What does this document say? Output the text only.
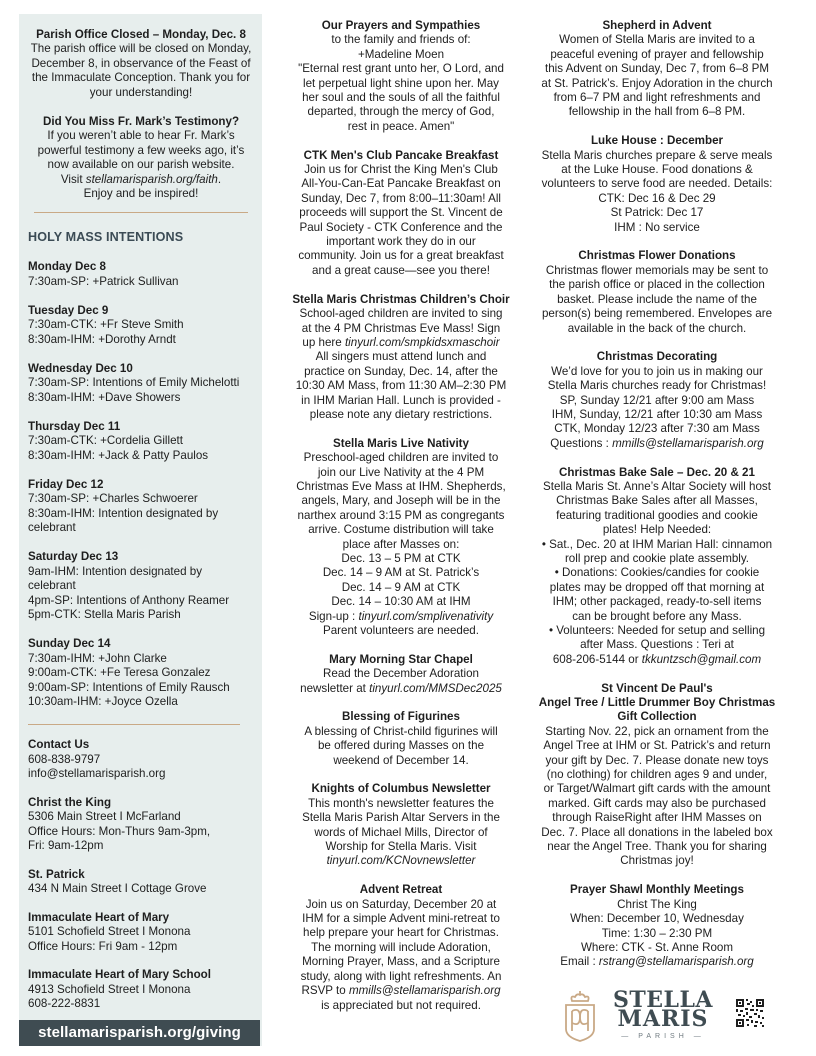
Parish Office Closed – Monday, Dec. 8
The parish office will be closed on Monday,
December 8, in observance of the Feast of
the Immaculate Conception. Thank you for
your understanding!
Did You Miss Fr. Mark’s Testimony?
If you weren’t able to hear Fr. Mark’s
powerful testimony a few weeks ago, it’s
now available on our parish website.
Visit stellamarisparish.org/faith.
Enjoy and be inspired!
HOLY MASS INTENTIONS
Monday Dec 8
7:30am-SP: +Patrick Sullivan
Tuesday Dec 9
7:30am-CTK: +Fr Steve Smith
8:30am-IHM: +Dorothy Arndt
Wednesday Dec 10
7:30am-SP: Intentions of Emily Michelotti
8:30am-IHM: +Dave Showers
Thursday Dec 11
7:30am-CTK: +Cordelia Gillett
8:30am-IHM: +Jack & Patty Paulos
Friday Dec 12
7:30am-SP: +Charles Schwoerer
8:30am-IHM: Intention designated by
celebrant
Saturday Dec 13
9am-IHM: Intention designated by
celebrant
4pm-SP: Intentions of Anthony Reamer
5pm-CTK: Stella Maris Parish
Sunday Dec 14
7:30am-IHM: +John Clarke
9:00am-CTK: +Fe Teresa Gonzalez
9:00am-SP: Intentions of Emily Rausch
10:30am-IHM: +Joyce Ozella
Contact Us
608-838-9797
info@stellamarisparish.org
Christ the King
5306 Main Street I McFarland
Office Hours: Mon-Thurs 9am-3pm,
Fri: 9am-12pm
St. Patrick
434 N Main Street I Cottage Grove
Immaculate Heart of Mary
5101 Schofield Street I Monona
Office Hours: Fri 9am - 12pm
Immaculate Heart of Mary School
4913 Schofield Street I Monona
608-222-8831
stellamarisparish.org/giving
Our Prayers and Sympathies
to the family and friends of:
+Madeline Moen
"Eternal rest grant unto her, O Lord, and
let perpetual light shine upon her. May
her soul and the souls of all the faithful
departed, through the mercy of God,
rest in peace. Amen"
CTK Men's Club Pancake Breakfast
Join us for Christ the King Men's Club
All-You-Can-Eat Pancake Breakfast on
Sunday, Dec 7, from 8:00–11:30am! All
proceeds will support the St. Vincent de
Paul Society - CTK Conference and the
important work they do in our
community. Join us for a great breakfast
and a great cause—see you there!
Stella Maris Christmas Children’s Choir
School-aged children are invited to sing
at the 4 PM Christmas Eve Mass! Sign
up here tinyurl.com/smpkidsxmaschoir
All singers must attend lunch and
practice on Sunday, Dec. 14, after the
10:30 AM Mass, from 11:30 AM–2:30 PM
in IHM Marian Hall. Lunch is provided -
please note any dietary restrictions.
Stella Maris Live Nativity
Preschool-aged children are invited to
join our Live Nativity at the 4 PM
Christmas Eve Mass at IHM. Shepherds,
angels, Mary, and Joseph will be in the
narthex around 3:15 PM as congregants
arrive. Costume distribution will take
place after Masses on:
Dec. 13 – 5 PM at CTK
Dec. 14 – 9 AM at St. Patrick’s
Dec. 14 – 9 AM at CTK
Dec. 14 – 10:30 AM at IHM
Sign-up : tinyurl.com/smplivenativity
Parent volunteers are needed.
Mary Morning Star Chapel
Read the December Adoration
newsletter at tinyurl.com/MMSDec2025
Blessing of Figurines
A blessing of Christ-child figurines will
be offered during Masses on the
weekend of December 14.
Knights of Columbus Newsletter
This month's newsletter features the
Stella Maris Parish Altar Servers in the
words of Michael Mills, Director of
Worship for Stella Maris. Visit
tinyurl.com/KCNovnewsletter
Advent Retreat
Join us on Saturday, December 20 at
IHM for a simple Advent mini-retreat to
help prepare your heart for Christmas.
The morning will include Adoration,
Morning Prayer, Mass, and a Scripture
study, along with light refreshments. An
RSVP to mmills@stellamarisparish.org
is appreciated but not required.
Shepherd in Advent
Women of Stella Maris are invited to a
peaceful evening of prayer and fellowship
this Advent on Sunday, Dec 7, from 6–8 PM
at St. Patrick’s. Enjoy Adoration in the church
from 6–7 PM and light refreshments and
fellowship in the hall from 6–8 PM.
Luke House : December
Stella Maris churches prepare & serve meals
at the Luke House. Food donations &
volunteers to serve food are needed. Details:
CTK: Dec 16 & Dec 29
St Patrick: Dec 17
IHM : No service
Christmas Flower Donations
Christmas flower memorials may be sent to
the parish office or placed in the collection
basket. Please include the name of the
person(s) being remembered. Envelopes are
available in the back of the church.
Christmas Decorating
We’d love for you to join us in making our
Stella Maris churches ready for Christmas!
SP, Sunday 12/21 after 9:00 am Mass
IHM, Sunday, 12/21 after 10:30 am Mass
CTK, Monday 12/23 after 7:30 am Mass
Questions : mmills@stellamarisparish.org
Christmas Bake Sale – Dec. 20 & 21
Stella Maris St. Anne’s Altar Society will host
Christmas Bake Sales after all Masses,
featuring traditional goodies and cookie
plates! Help Needed:
• Sat., Dec. 20 at IHM Marian Hall: cinnamon
roll prep and cookie plate assembly.
• Donations: Cookies/candies for cookie
plates may be dropped off that morning at
IHM; other packaged, ready-to-sell items
can be brought before any Mass.
• Volunteers: Needed for setup and selling
after Mass. Questions : Teri at
608-206-5144 or tkkuntzsch@gmail.com
St Vincent De Paul's
Angel Tree / Little Drummer Boy Christmas
Gift Collection
Starting Nov. 22, pick an ornament from the
Angel Tree at IHM or St. Patrick’s and return
your gift by Dec. 7. Please donate new toys
(no clothing) for children ages 9 and under,
or Target/Walmart gift cards with the amount
marked. Gift cards may also be purchased
through RaiseRight after IHM Masses on
Dec. 7. Place all donations in the labeled box
near the Angel Tree. Thank you for sharing
Christmas joy!
Prayer Shawl Monthly Meetings
Christ The King
When: December 10, Wednesday
Time: 1:30 – 2:30 PM
Where: CTK - St. Anne Room
Email : rstrang@stellamarisparish.org
STELLA
MARIS
— PARISH —
